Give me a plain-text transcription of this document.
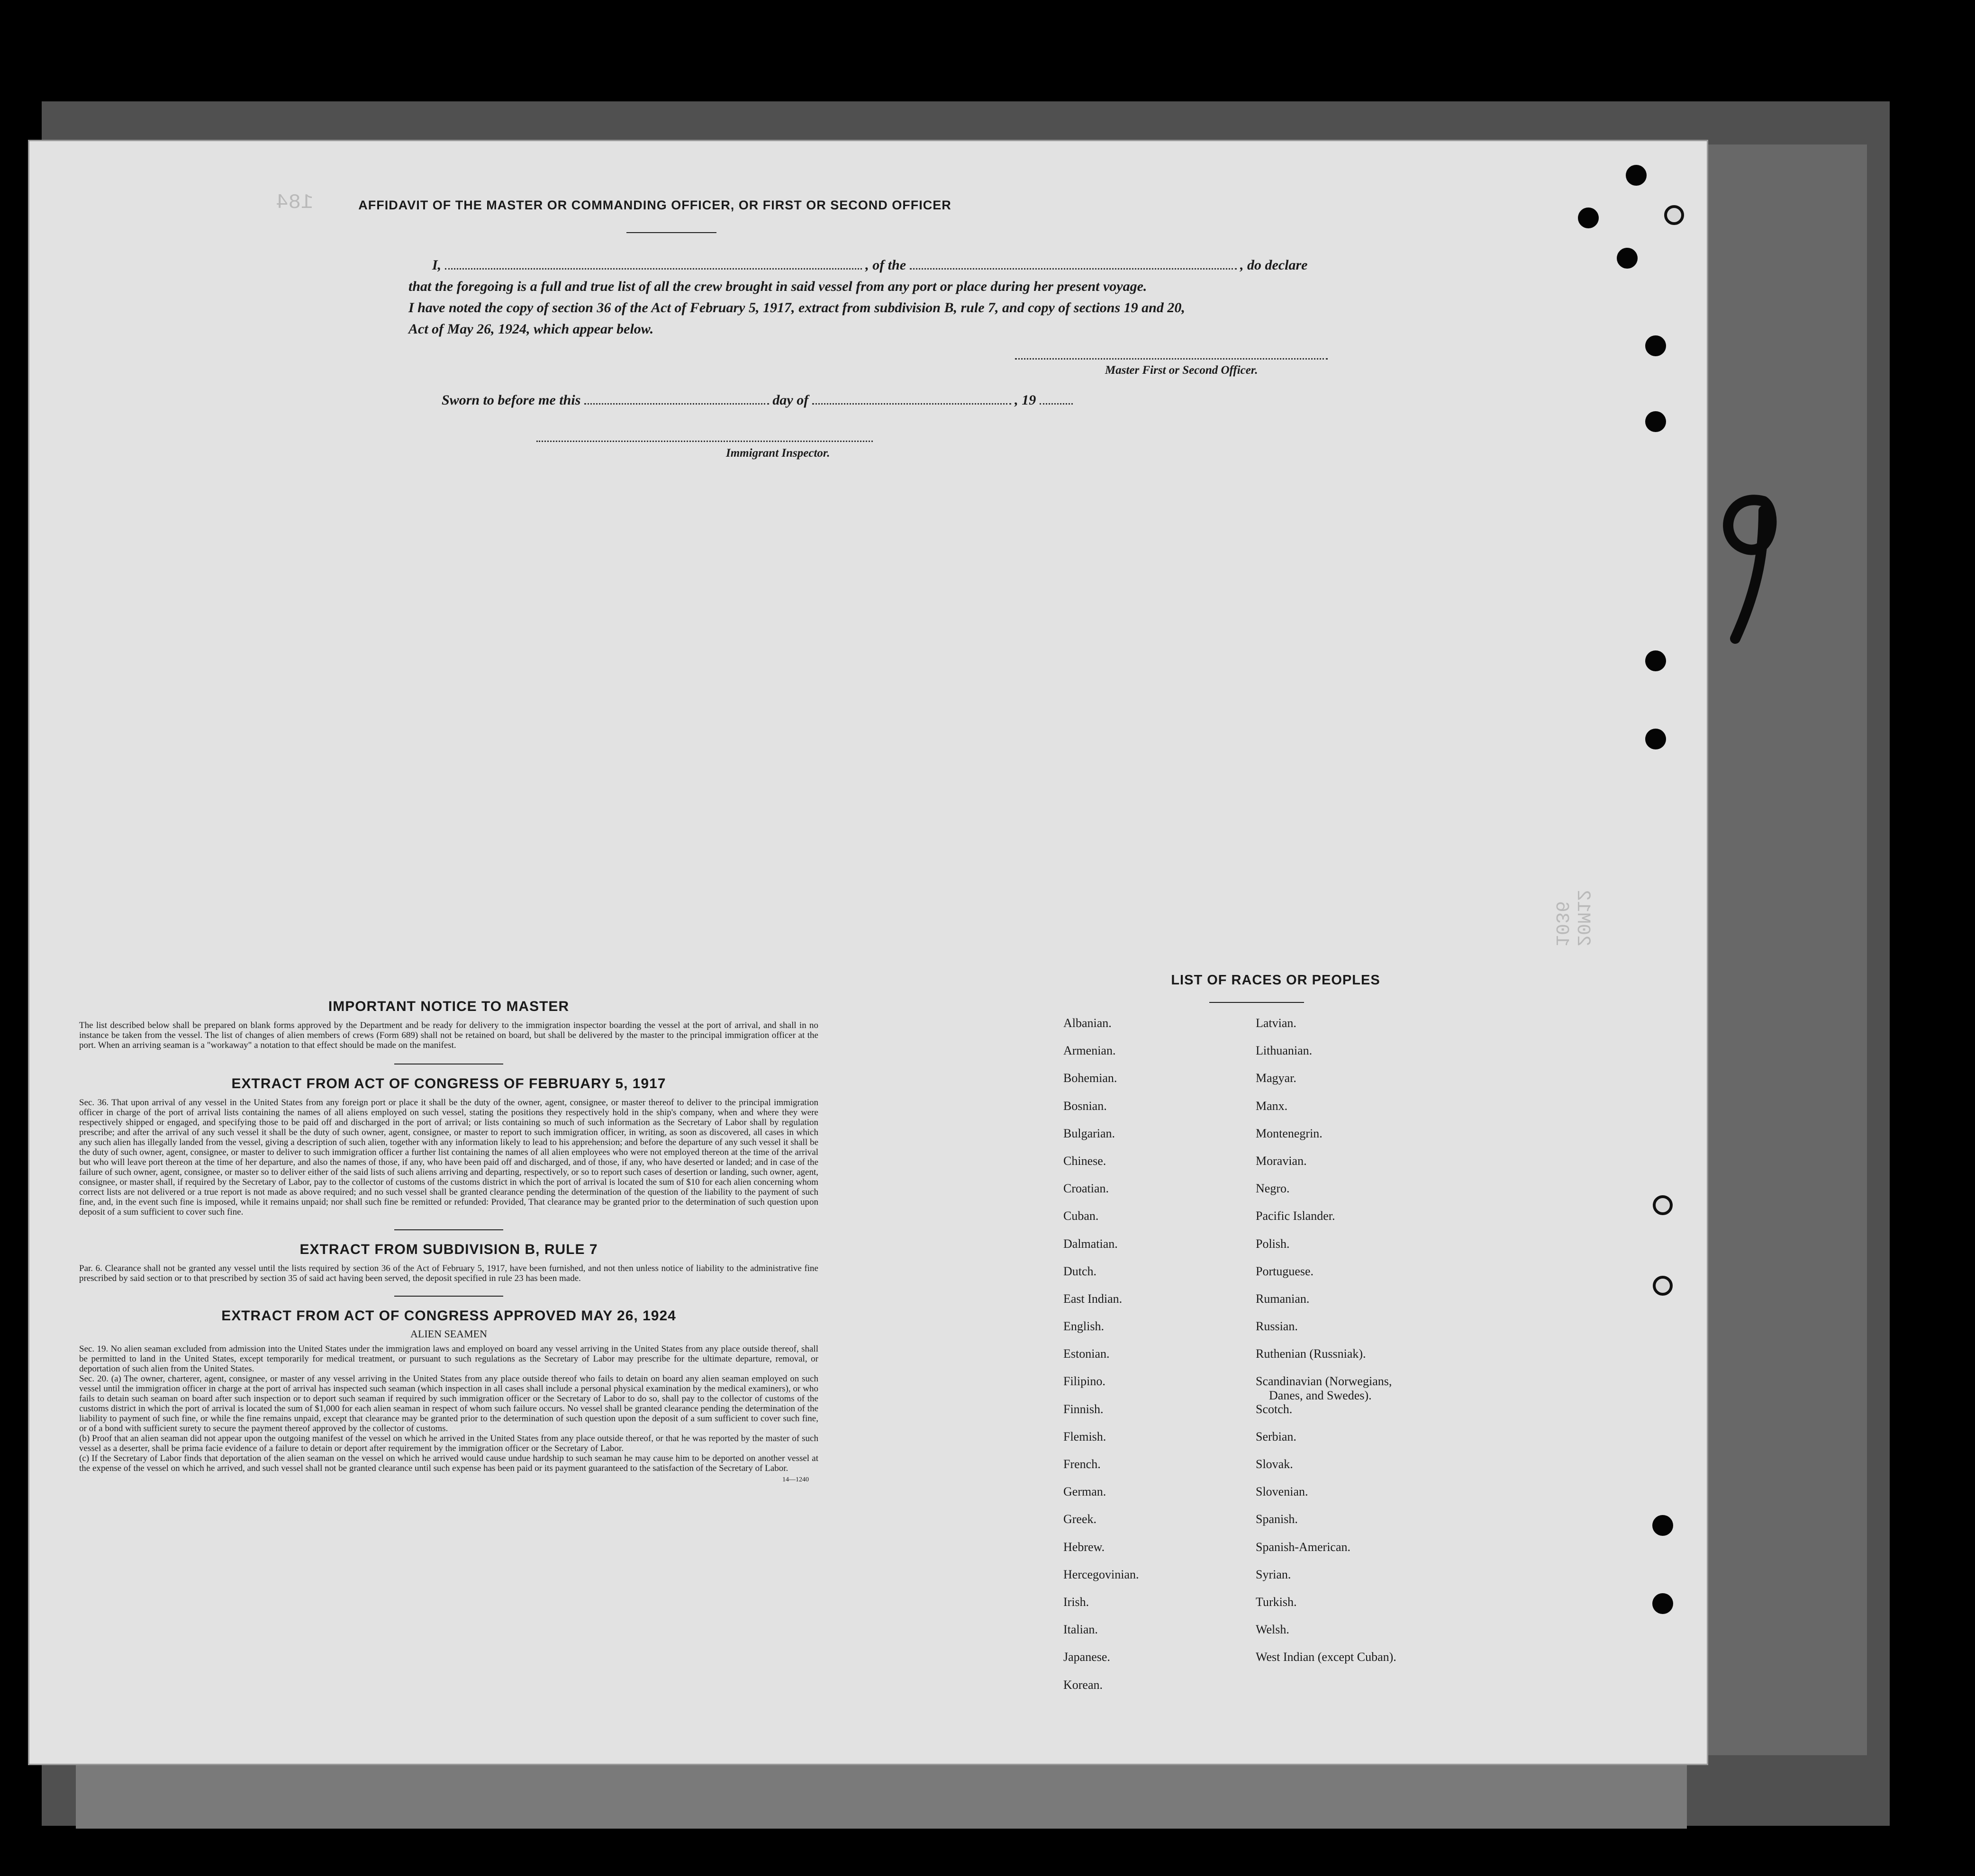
184
20M12 1036
AFFIDAVIT OF THE MASTER OR COMMANDING OFFICER, OR FIRST OR SECOND OFFICER
I,	, of the	, do declare
that the foregoing is a full and true list of all the crew brought in said vessel from any port or place during her present voyage.
I have noted the copy of section 36 of the Act of February 5, 1917, extract from subdivision B, rule 7, and copy of sections 19 and 20,
Act of May 26, 1924, which appear below.
Master First or Second Officer.
Sworn to before me this	day of	, 19
Immigrant Inspector.
IMPORTANT NOTICE TO MASTER
The list described below shall be prepared on blank forms approved by the Department and be ready for delivery to the immigration inspector boarding the vessel at the port of arrival, and shall in no instance be taken from the vessel. The list of changes of alien members of crews (Form 689) shall not be retained on board, but shall be delivered by the master to the principal immigration officer at the port. When an arriving seaman is a "workaway" a notation to that effect should be made on the manifest.
EXTRACT FROM ACT OF CONGRESS OF FEBRUARY 5, 1917
Sec. 36. That upon arrival of any vessel in the United States from any foreign port or place it shall be the duty of the owner, agent, consignee, or master thereof to deliver to the principal immigration officer in charge of the port of arrival lists containing the names of all aliens employed on such vessel, stating the positions they respectively hold in the ship's company, when and where they were respectively shipped or engaged, and specifying those to be paid off and discharged in the port of arrival; or lists containing so much of such information as the Secretary of Labor shall by regulation prescribe; and after the arrival of any such vessel it shall be the duty of such owner, agent, consignee, or master to report to such immigration officer, in writing, as soon as discovered, all cases in which any such alien has illegally landed from the vessel, giving a description of such alien, together with any information likely to lead to his apprehension; and before the departure of any such vessel it shall be the duty of such owner, agent, consignee, or master to deliver to such immigration officer a further list containing the names of all alien employees who were not employed thereon at the time of the arrival but who will leave port thereon at the time of her departure, and also the names of those, if any, who have been paid off and discharged, and of those, if any, who have deserted or landed; and in case of the failure of such owner, agent, consignee, or master so to deliver either of the said lists of such aliens arriving and departing, respectively, or so to report such cases of desertion or landing, such owner, agent, consignee, or master shall, if required by the Secretary of Labor, pay to the collector of customs of the customs district in which the port of arrival is located the sum of $10 for each alien concerning whom correct lists are not delivered or a true report is not made as above required; and no such vessel shall be granted clearance pending the determination of the question of the liability to the payment of such fine, and, in the event such fine is imposed, while it remains unpaid; nor shall such fine be remitted or refunded: Provided, That clearance may be granted prior to the determination of such question upon deposit of a sum sufficient to cover such fine.
EXTRACT FROM SUBDIVISION B, RULE 7
Par. 6. Clearance shall not be granted any vessel until the lists required by section 36 of the Act of February 5, 1917, have been furnished, and not then unless notice of liability to the administrative fine prescribed by said section or to that prescribed by section 35 of said act having been served, the deposit specified in rule 23 has been made.
EXTRACT FROM ACT OF CONGRESS APPROVED MAY 26, 1924
ALIEN SEAMEN
Sec. 19. No alien seaman excluded from admission into the United States under the immigration laws and employed on board any vessel arriving in the United States from any place outside thereof, shall be permitted to land in the United States, except temporarily for medical treatment, or pursuant to such regulations as the Secretary of Labor may prescribe for the ultimate departure, removal, or deportation of such alien from the United States.
Sec. 20. (a) The owner, charterer, agent, consignee, or master of any vessel arriving in the United States from any place outside thereof who fails to detain on board any alien seaman employed on such vessel until the immigration officer in charge at the port of arrival has inspected such seaman (which inspection in all cases shall include a personal physical examination by the medical examiners), or who fails to detain such seaman on board after such inspection or to deport such seaman if required by such immigration officer or the Secretary of Labor to do so, shall pay to the collector of customs of the customs district in which the port of arrival is located the sum of $1,000 for each alien seaman in respect of whom such failure occurs. No vessel shall be granted clearance pending the determination of the liability to payment of such fine, or while the fine remains unpaid, except that clearance may be granted prior to the determination of such question upon the deposit of a sum sufficient to cover such fine, or of a bond with sufficient surety to secure the payment thereof approved by the collector of customs.
(b) Proof that an alien seaman did not appear upon the outgoing manifest of the vessel on which he arrived in the United States from any place outside thereof, or that he was reported by the master of such vessel as a deserter, shall be prima facie evidence of a failure to detain or deport after requirement by the immigration officer or the Secretary of Labor.
(c) If the Secretary of Labor finds that deportation of the alien seaman on the vessel on which he arrived would cause undue hardship to such seaman he may cause him to be deported on another vessel at the expense of the vessel on which he arrived, and such vessel shall not be granted clearance until such expense has been paid or its payment guaranteed to the satisfaction of the Secretary of Labor.
14—1240
LIST OF RACES OR PEOPLES
Albanian.
Armenian.
Bohemian.
Bosnian.
Bulgarian.
Chinese.
Croatian.
Cuban.
Dalmatian.
Dutch.
East Indian.
English.
Estonian.
Filipino.
Finnish.
Flemish.
French.
German.
Greek.
Hebrew.
Hercegovinian.
Irish.
Italian.
Japanese.
Korean.
Latvian.
Lithuanian.
Magyar.
Manx.
Montenegrin.
Moravian.
Negro.
Pacific Islander.
Polish.
Portuguese.
Rumanian.
Russian.
Ruthenian (Russniak).
Scandinavian (Norwegians,
Danes, and Swedes).
Scotch.
Serbian.
Slovak.
Slovenian.
Spanish.
Spanish-American.
Syrian.
Turkish.
Welsh.
West Indian (except Cuban).
